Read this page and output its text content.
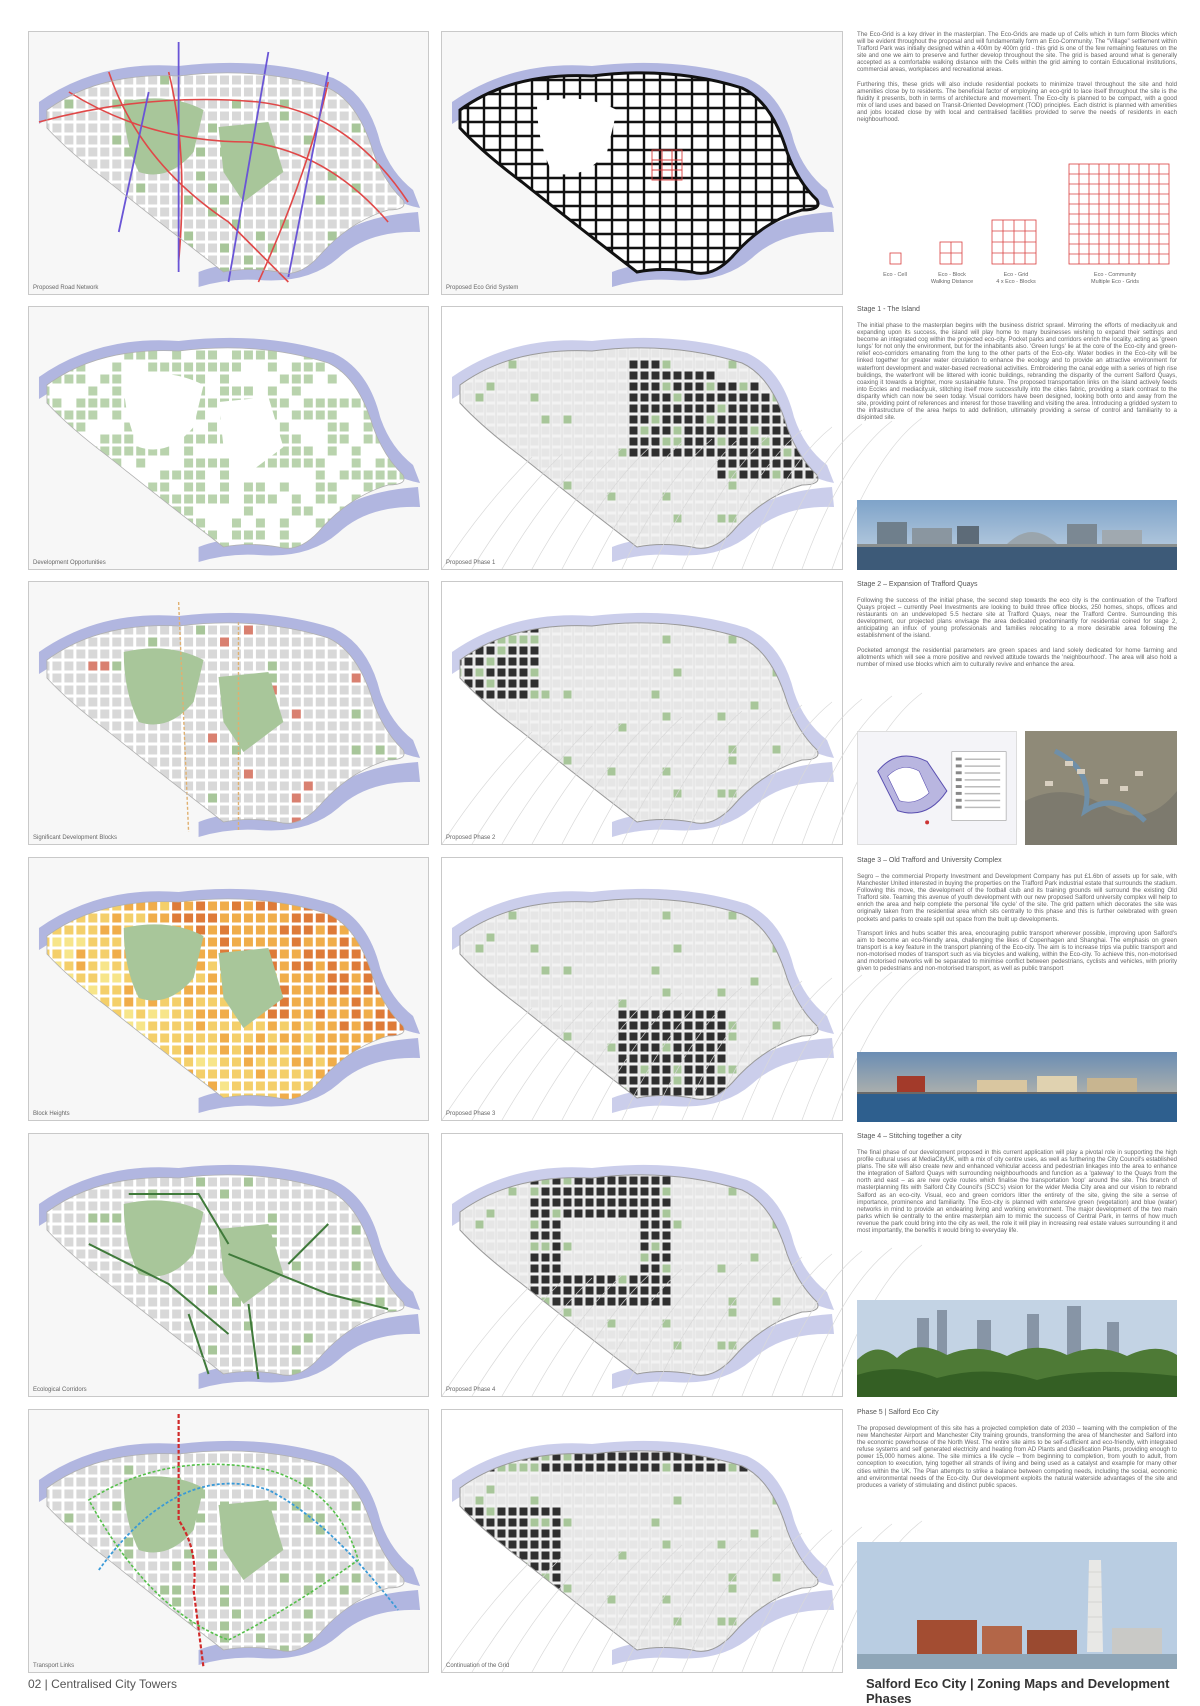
Proposed Road Network	Proposed Eco Grid System
Development Opportunities	Proposed Phase 1
Significant Development Blocks	Proposed Phase 2
Block Heights	Proposed Phase 3
Ecological Corridors	Proposed Phase 4
Transport Links	Continuation of the Grid

The Eco-Grid is a key driver in the masterplan. The Eco-Grids are made up of Cells which in turn form Blocks which will be evident throughout the proposal and will fundamentally form an Eco-Community. The "Village" settlement within Trafford Park was initially designed within a 400m by 400m grid - this grid is one of the few remaining features on the site and one we aim to preserve and further develop throughout the site. The grid is based around what is generally accepted as a comfortable walking distance with the Cells within the grid aiming to contain Educational institutions, commercial areas, workplaces and recreational areas.

Furthering this, these grids will also include residential pockets to minimize travel throughout the site and hold amenities close by to residents. The beneficial factor of employing an eco-grid to lace itself throughout the site is the fluidity it presents, both in terms of architecture and movement. The Eco-city is planned to be compact, with a good mix of land uses and based on Transit-Oriented Development (TOD) principles. Each district is planned with amenities and jobs located close by with local and centralised facilities provided to serve the needs of residents in each neighbourhood.

Eco - Cell	Eco - Block
Walking Distance
Eco - Grid
4 x Eco - Blocks
Eco - Community
Multiple Eco - Grids
Stage 1 - The Island
The initial phase to the masterplan begins with the business district sprawl. Mirroring the efforts of mediacity.uk and expanding upon its success, the island will play home to many businesses wishing to expand their settings and become an integrated cog within the projected eco-city. Pocket parks and corridors enrich the locality, acting as 'green lungs' for not only the environment, but for the inhabitants also. 'Green lungs' lie at the core of the Eco-city and green-relief eco-corridors emanating from the lung to the other parts of the Eco-city. Water bodies in the Eco-city will be linked together for greater water circulation to enhance the ecology and to provide an attractive environment for waterfront development and water-based recreational activities. Embroidering the canal edge with a series of high rise buildings, the waterfront will be littered with iconic buildings, rebranding the disparity of the current Salford Quays, coaxing it towards a brighter, more sustainable future. The proposed transportation links on the island actively feeds into Eccles and mediacity.uk, stitching itself more successfully into the cities fabric, providing a stark contrast to the disparity which can now be seen today. Visual corridors have been designed, looking both onto and away from the site, providing point of references and interest for those travelling and visiting the area. Introducing a gridded system to the infrastructure of the area helps to add definition, ultimately providing a sense of control and familiarity to a disjointed site.
Stage 2 – Expansion of Trafford Quays

Following the success of the initial phase, the second step towards the eco city is the continuation of the Trafford Quays project – currently Peel Investments are looking to build three office blocks, 250 homes, shops, offices and restaurants on an undeveloped 5.5 hectare site at Trafford Quays, near the Trafford Centre. Surrounding this development, our projected plans envisage the area dedicated predominantly for residential coined for stage 2, anticipating an influx of young professionals and families relocating to a more desirable area following the establishment of the island.

Pocketed amongst the residential parameters are green spaces and land solely dedicated for home farming and allotments which will see a more positive and revived attitude towards the 'neighbourhood'. The area will also hold a number of mixed use blocks which aim to culturally revive and enhance the area.

Stage 3 – Old Trafford and University Complex

Segro – the commercial Property Investment and Development Company has put £1.6bn of assets up for sale, with Manchester United interested in buying the properties on the Trafford Park industrial estate that surrounds the stadium. Following this move, the development of the football club and its training grounds will surround the existing Old Trafford site. Teaming this avenue of youth development with our new proposed Salford university complex will help to enrich the area and help complete the personal 'life cycle' of the site. The grid pattern which decorates the site was originally taken from the residential area which sits centrally to this phase and this is further celebrated with green pockets and parks to create spill out space from the built up developments.

Transport links and hubs scatter this area, encouraging public transport wherever possible, improving upon Salford's aim to become an eco-friendly area, challenging the likes of Copenhagen and Shanghai. The emphasis on green transport is a key feature in the transport planning of the Eco-city. The aim is to increase trips via public transport and non-motorised modes of transport such as via bicycles and walking, within the Eco-city. To achieve this, non-motorised and motorised networks will be separated to minimise conflict between pedestrians, cyclists and vehicles, with priority given to pedestrians and non-motorised transport, as well as public transport

Stage 4 – Stitching together a city
The final phase of our development proposed in this current application will play a pivotal role in supporting the high profile cultural uses at MediaCityUK, with a mix of city centre uses, as well as furthering the City Council's established plans. The site will also create new and enhanced vehicular access and pedestrian linkages into the area to enhance the integration of Salford Quays with surrounding neighbourhoods and function as a 'gateway' to the Quays from the north and east – as are new cycle routes which finalise the transportation 'loop' around the site. This branch of masterplanning fits with Salford City Council's (SCC's) vision for the wider Media City area and our vision to rebrand Salford as an eco-city. Visual, eco and green corridors litter the entirety of the site, giving the site a sense of importance, prominence and familiarity. The Eco-city is planned with extensive green (vegetation) and blue (water) networks in mind to provide an endearing living and working environment. The major development of the two main parks which lie centrally to the entire masterplan aim to mimic the success of Central Park, in terms of how much revenue the park could bring into the city as well, the role it will play in increasing real estate values surrounding it and most importantly, the benefits it would bring to everyday life.
Phase 5 | Salford Eco City
The proposed development of this site has a projected completion date of 2030 – teaming with the completion of the new Manchester Airport and Manchester City training grounds, transforming the area of Manchester and Salford into the economic powerhouse of the North West. The entire site aims to be self-sufficient and eco-friendly, with integrated refuse systems and self generated electricity and heating from AD Plants and Gasification Plants, providing enough to power 15,000 homes alone. The site mimics a life cycle – from beginning to completion, from youth to adult, from conception to execution, tying together all strands of living and being used as a catalyst and example for many other cities within the UK. The Plan attempts to strike a balance between competing needs, including the social, economic and environmental needs of the Eco-city. Our development exploits the natural waterside advantages of the site and produces a variety of stimulating and distinct public spaces.
02 | Centralised City Towers	Salford Eco City | Zoning Maps and Development Phases
